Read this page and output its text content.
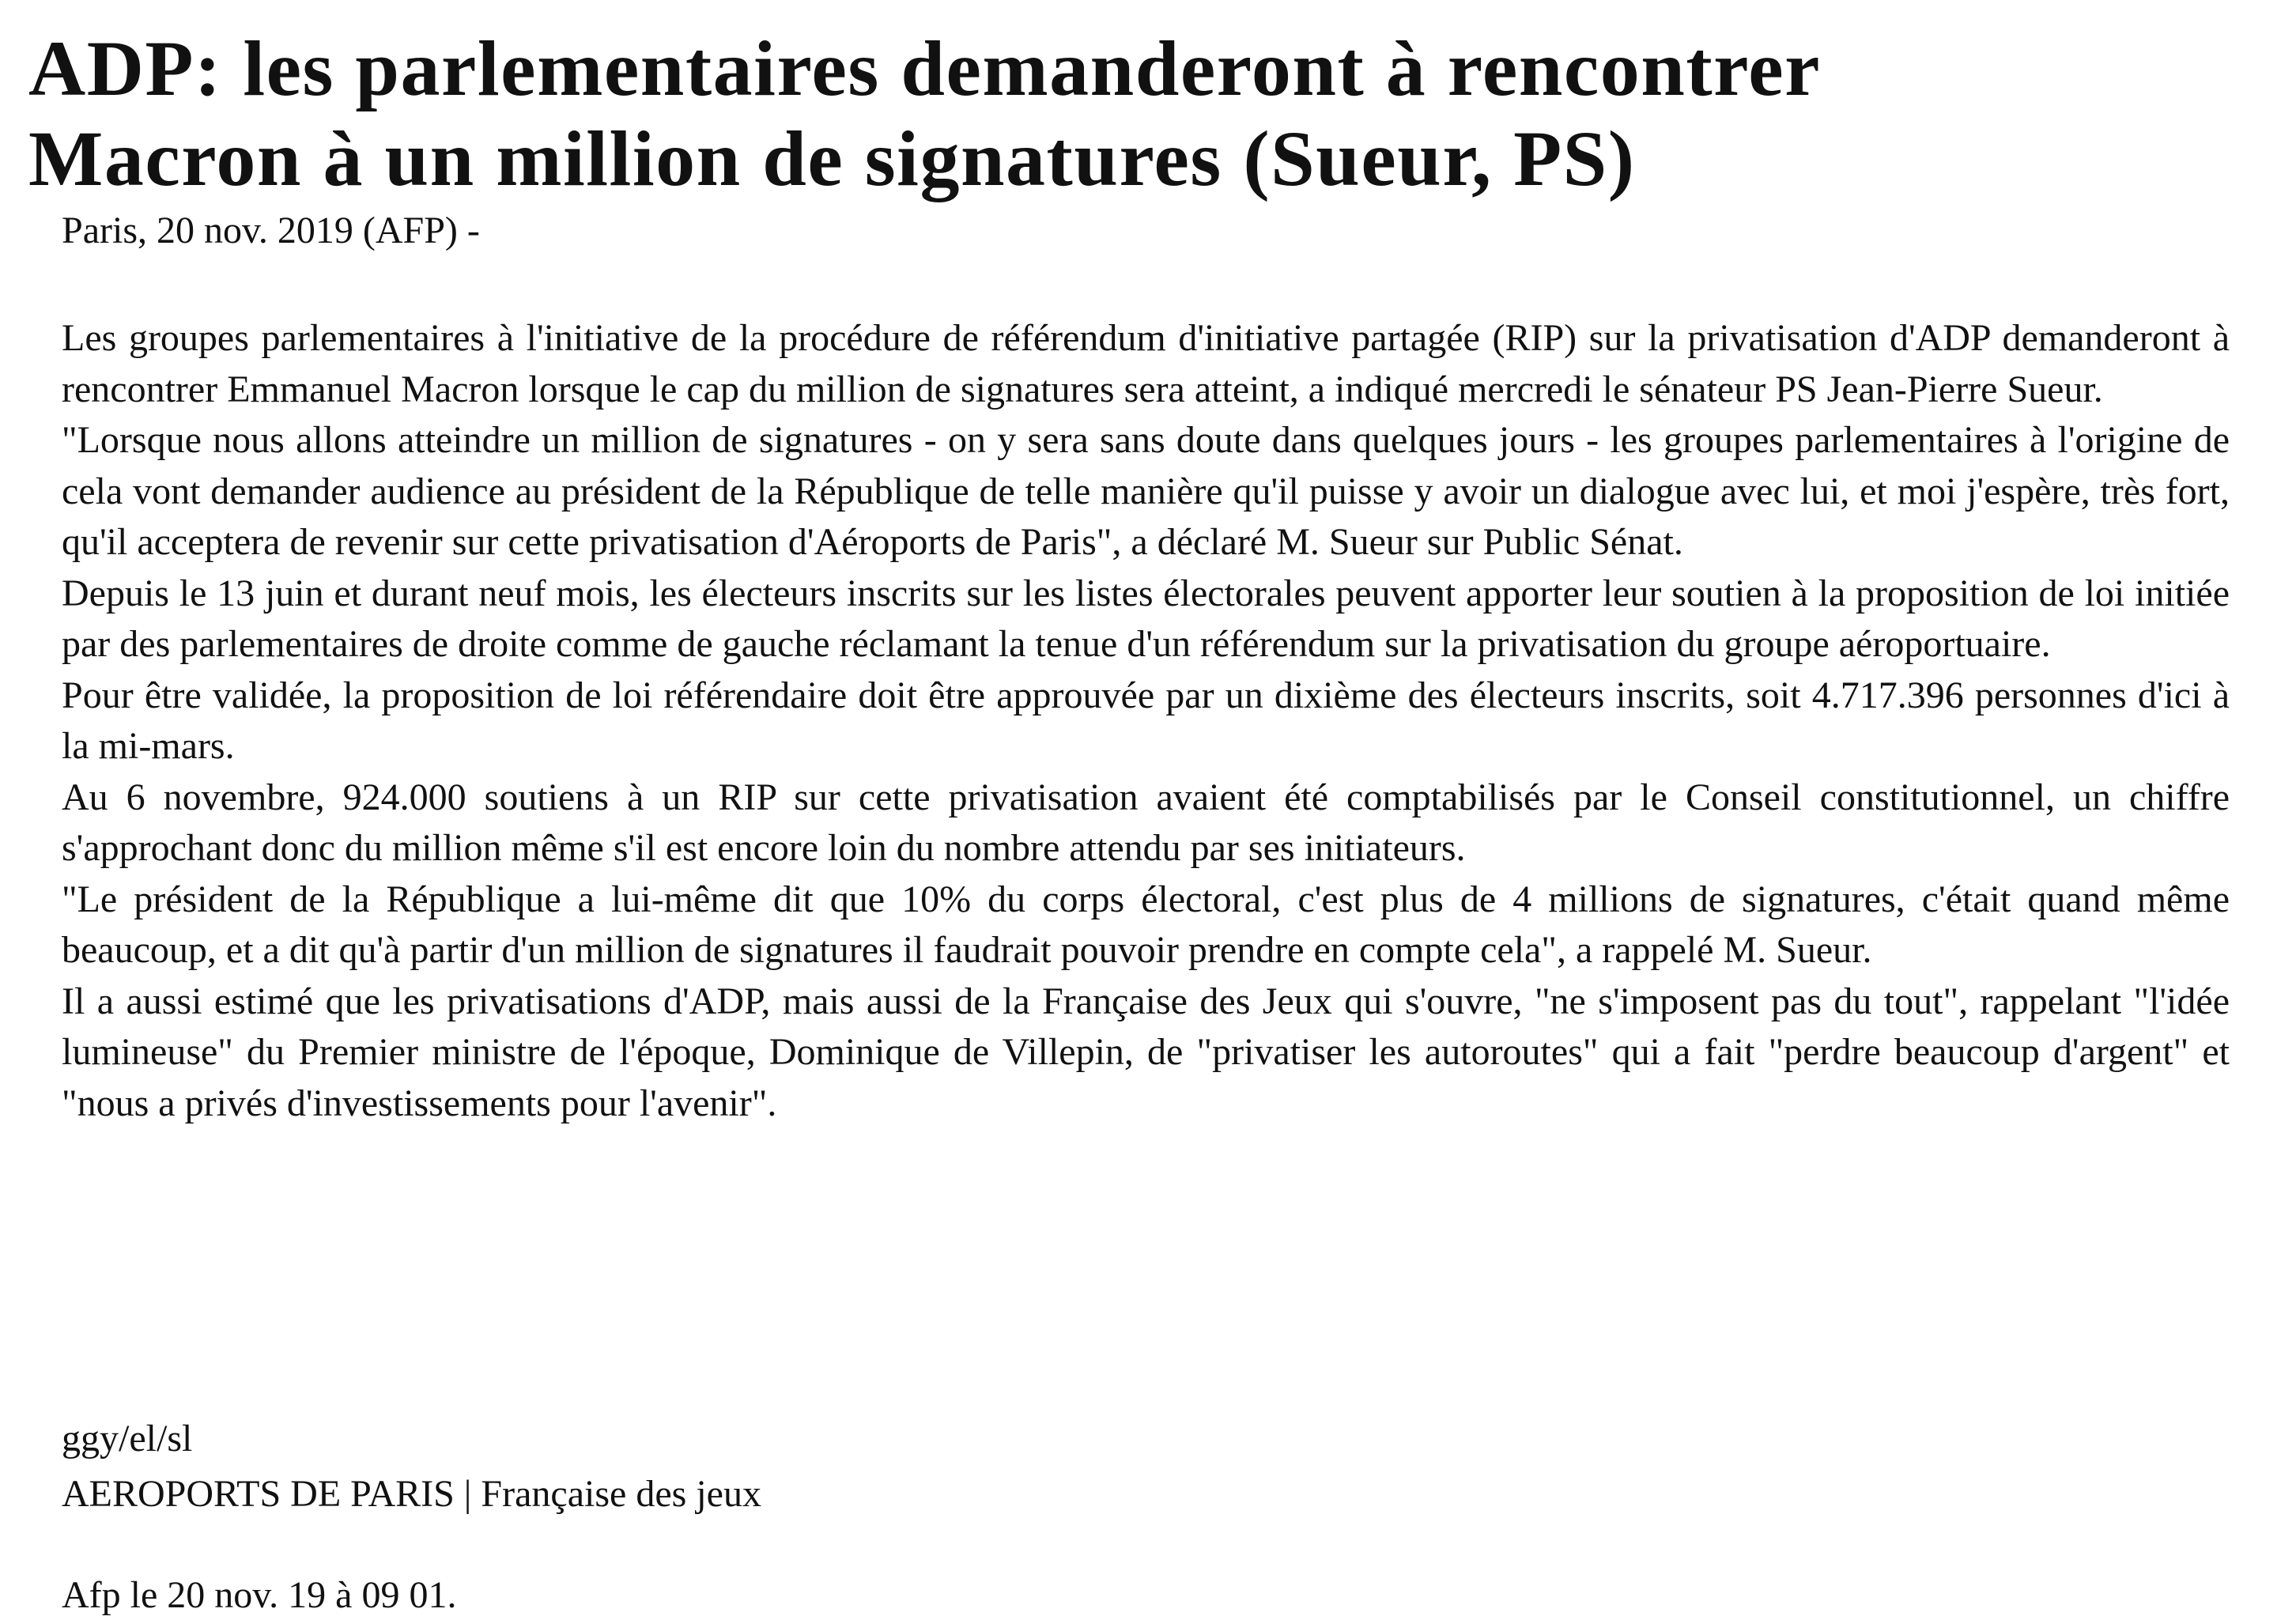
ADP: les parlementaires demanderont à rencontrer
Macron à un million de signatures (Sueur, PS)
Paris, 20 nov. 2019 (AFP) -

Les groupes parlementaires à l'initiative de la procédure de référendum d'initiative partagée (RIP) sur la privatisation d'ADP demanderont à rencontrer Emmanuel Macron lorsque le cap du million de signatures sera atteint, a indiqué mercredi le sénateur PS Jean-Pierre Sueur.

"Lorsque nous allons atteindre un million de signatures - on y sera sans doute dans quelques jours - les groupes parlementaires à l'origine de cela vont demander audience au président de la République de telle manière qu'il puisse y avoir un dialogue avec lui, et moi j'espère, très fort, qu'il acceptera de revenir sur cette privatisation d'Aéroports de Paris", a déclaré M. Sueur sur Public Sénat.

Depuis le 13 juin et durant neuf mois, les électeurs inscrits sur les listes électorales peuvent apporter leur soutien à la proposition de loi initiée par des parlementaires de droite comme de gauche réclamant la tenue d'un référendum sur la privatisation du groupe aéroportuaire.

Pour être validée, la proposition de loi référendaire doit être approuvée par un dixième des électeurs inscrits, soit 4.717.396 personnes d'ici à la mi-mars.

Au 6 novembre, 924.000 soutiens à un RIP sur cette privatisation avaient été comptabilisés par le Conseil constitutionnel, un chiffre s'approchant donc du million même s'il est encore loin du nombre attendu par ses initiateurs.

"Le président de la République a lui-même dit que 10% du corps électoral, c'est plus de 4 millions de signatures, c'était quand même beaucoup, et a dit qu'à partir d'un million de signatures il faudrait pouvoir prendre en compte cela", a rappelé M. Sueur.

Il a aussi estimé que les privatisations d'ADP, mais aussi de la Française des Jeux qui s'ouvre, "ne s'imposent pas du tout", rappelant "l'idée lumineuse" du Premier ministre de l'époque, Dominique de Villepin, de "privatiser les autoroutes" qui a fait "perdre beaucoup d'argent" et "nous a privés d'investissements pour l'avenir".

ggy/el/sl
AEROPORTS DE PARIS | Française des jeux
Afp le 20 nov. 19 à 09 01.
